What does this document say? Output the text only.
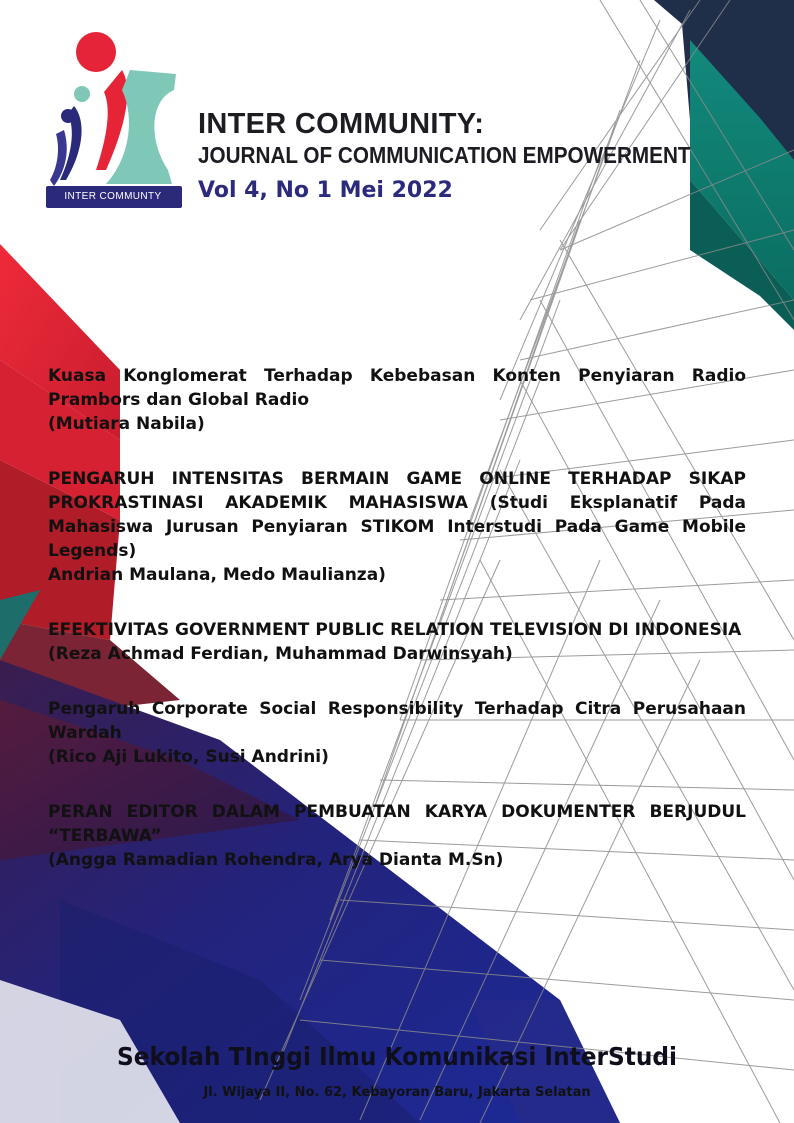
INTER COMMUNTY
INTER COMMUNITY:
JOURNAL OF COMMUNICATION EMPOWERMENT
Vol 4, No 1 Mei 2022
Kuasa Konglomerat Terhadap Kebebasan Konten Penyiaran Radio Prambors dan Global Radio
(Mutiara Nabila)
PENGARUH INTENSITAS BERMAIN GAME ONLINE TERHADAP SIKAP PROKRASTINASI AKADEMIK MAHASISWA (Studi Eksplanatif Pada Mahasiswa Jurusan Penyiaran STIKOM Interstudi Pada Game Mobile Legends)
Andrian Maulana, Medo Maulianza)
EFEKTIVITAS GOVERNMENT PUBLIC RELATION TELEVISION DI INDONESIA
(Reza Achmad Ferdian, Muhammad Darwinsyah)
Pengaruh Corporate Social Responsibility Terhadap Citra Perusahaan Wardah
(Rico Aji Lukito, Susi Andrini)
PERAN EDITOR DALAM PEMBUATAN KARYA DOKUMENTER BERJUDUL “TERBAWA”
(Angga Ramadian Rohendra, Arya Dianta M.Sn)
Sekolah TInggi Ilmu Komunikasi InterStudi
Jl. Wijaya II, No. 62, Kebayoran Baru, Jakarta Selatan
